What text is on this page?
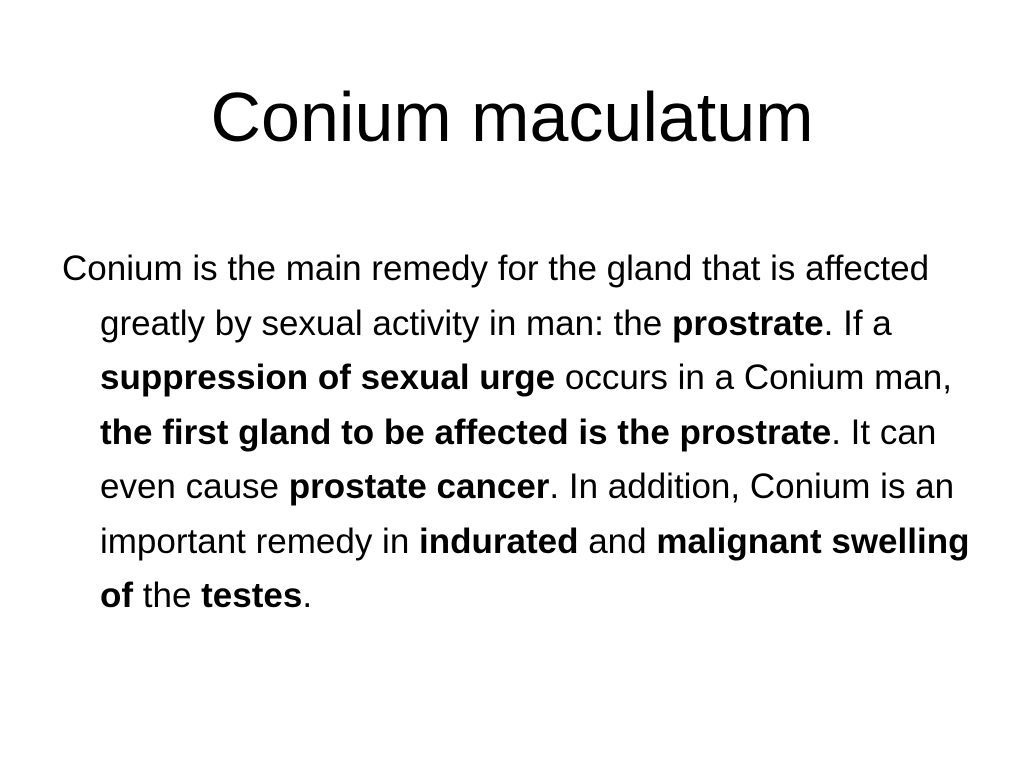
Conium maculatum

Conium is the main remedy for the gland that is affected greatly by sexual activity in man: the prostrate. If a suppression of sexual urge occurs in a Conium man, the first gland to be affected is the prostrate. It can even cause prostate cancer. In addition, Conium is an important remedy in indurated and malignant swelling of the testes.
